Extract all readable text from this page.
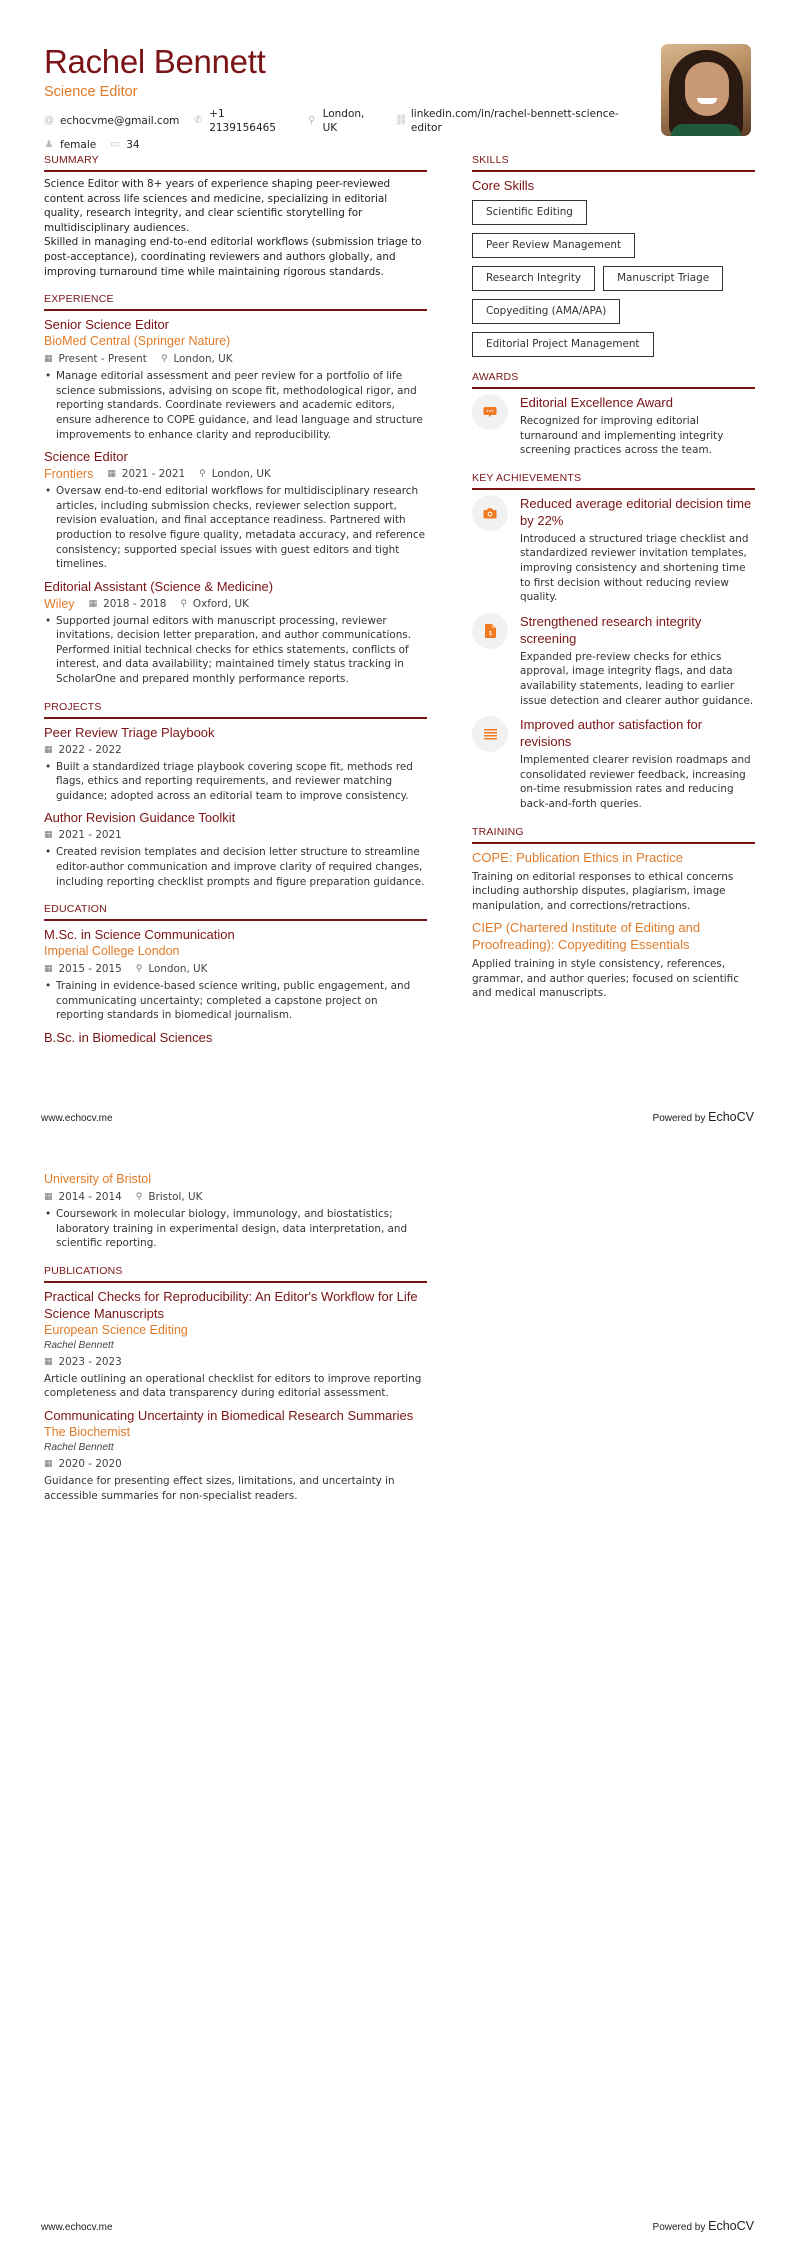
Rachel Bennett
Science Editor
@ echocvme@gmail.com ✆
+1 2139156465
⚲
London, UK
⛓
linkedin.com/in/rachel-bennett-science-editor
♟ female ▭ 34
SUMMARY

Science Editor with 8+ years of experience shaping peer-reviewed content across life sciences and medicine, specializing in editorial quality, research integrity, and clear scientific storytelling for multidisciplinary audiences.

Skilled in managing end-to-end editorial workflows (submission triage to post-acceptance), coordinating reviewers and authors globally, and improving turnaround time while maintaining rigorous standards.

EXPERIENCE
Senior Science Editor
BioMed Central (Springer Nature)
▦ Present - Present ⚲ London, UK
• Manage editorial assessment and peer review for a portfolio of life science submissions, advising on scope fit, methodological rigor, and reporting standards. Coordinate reviewers and academic editors, ensure adherence to COPE guidance, and lead language and structure improvements to enhance clarity and reproducibility.
Science Editor
Frontiers ▦ 2021 - 2021 ⚲ London, UK
• Oversaw end-to-end editorial workflows for multidisciplinary research articles, including submission checks, reviewer selection support, revision evaluation, and final acceptance readiness. Partnered with production to resolve figure quality, metadata accuracy, and reference consistency; supported special issues with guest editors and tight timelines.
Editorial Assistant (Science & Medicine)
Wiley ▦ 2018 - 2018 ⚲ Oxford, UK
• Supported journal editors with manuscript processing, reviewer invitations, decision letter preparation, and author communications. Performed initial technical checks for ethics statements, conflicts of interest, and data availability; maintained timely status tracking in ScholarOne and prepared monthly performance reports.
PROJECTS
Peer Review Triage Playbook
▦ 2022 - 2022
• Built a standardized triage playbook covering scope fit, methods red flags, ethics and reporting requirements, and reviewer matching guidance; adopted across an editorial team to improve consistency.
Author Revision Guidance Toolkit
▦ 2021 - 2021
• Created revision templates and decision letter structure to streamline editor-author communication and improve clarity of required changes, including reporting checklist prompts and figure preparation guidance.
EDUCATION
M.Sc. in Science Communication
Imperial College London
▦ 2015 - 2015 ⚲ London, UK
• Training in evidence-based science writing, public engagement, and communicating uncertainty; completed a capstone project on reporting standards in biomedical journalism.
B.Sc. in Biomedical Sciences
SKILLS
Core Skills
Scientific Editing
Peer Review Management
Research Integrity	Manuscript Triage
Copyediting (AMA/APA)
Editorial Project Management
AWARDS
Editorial Excellence Award
Recognized for improving editorial turnaround and implementing integrity screening practices across the team.
KEY ACHIEVEMENTS
Reduced average editorial decision time by 22%
Introduced a structured triage checklist and standardized reviewer invitation templates, improving consistency and shortening time to first decision without reducing review quality.
$
Strengthened research integrity screening
Expanded pre-review checks for ethics approval, image integrity flags, and data availability statements, leading to earlier issue detection and clearer author guidance.
Improved author satisfaction for revisions
Implemented clearer revision roadmaps and consolidated reviewer feedback, increasing on-time resubmission rates and reducing back-and-forth queries.
TRAINING
COPE: Publication Ethics in Practice
Training on editorial responses to ethical concerns including authorship disputes, plagiarism, image manipulation, and corrections/retractions.
CIEP (Chartered Institute of Editing and Proofreading): Copyediting Essentials
Applied training in style consistency, references, grammar, and author queries; focused on scientific and medical manuscripts.
www.echocv.me	Powered by EchoCV
University of Bristol
▦ 2014 - 2014 ⚲ Bristol, UK
• Coursework in molecular biology, immunology, and biostatistics; laboratory training in experimental design, data interpretation, and scientific reporting.
PUBLICATIONS
Practical Checks for Reproducibility: An Editor's Workflow for Life Science Manuscripts
European Science Editing
Rachel Bennett
▦ 2023 - 2023
Article outlining an operational checklist for editors to improve reporting completeness and data transparency during editorial assessment.
Communicating Uncertainty in Biomedical Research Summaries
The Biochemist
Rachel Bennett
▦ 2020 - 2020
Guidance for presenting effect sizes, limitations, and uncertainty in accessible summaries for non-specialist readers.
www.echocv.me	Powered by EchoCV
